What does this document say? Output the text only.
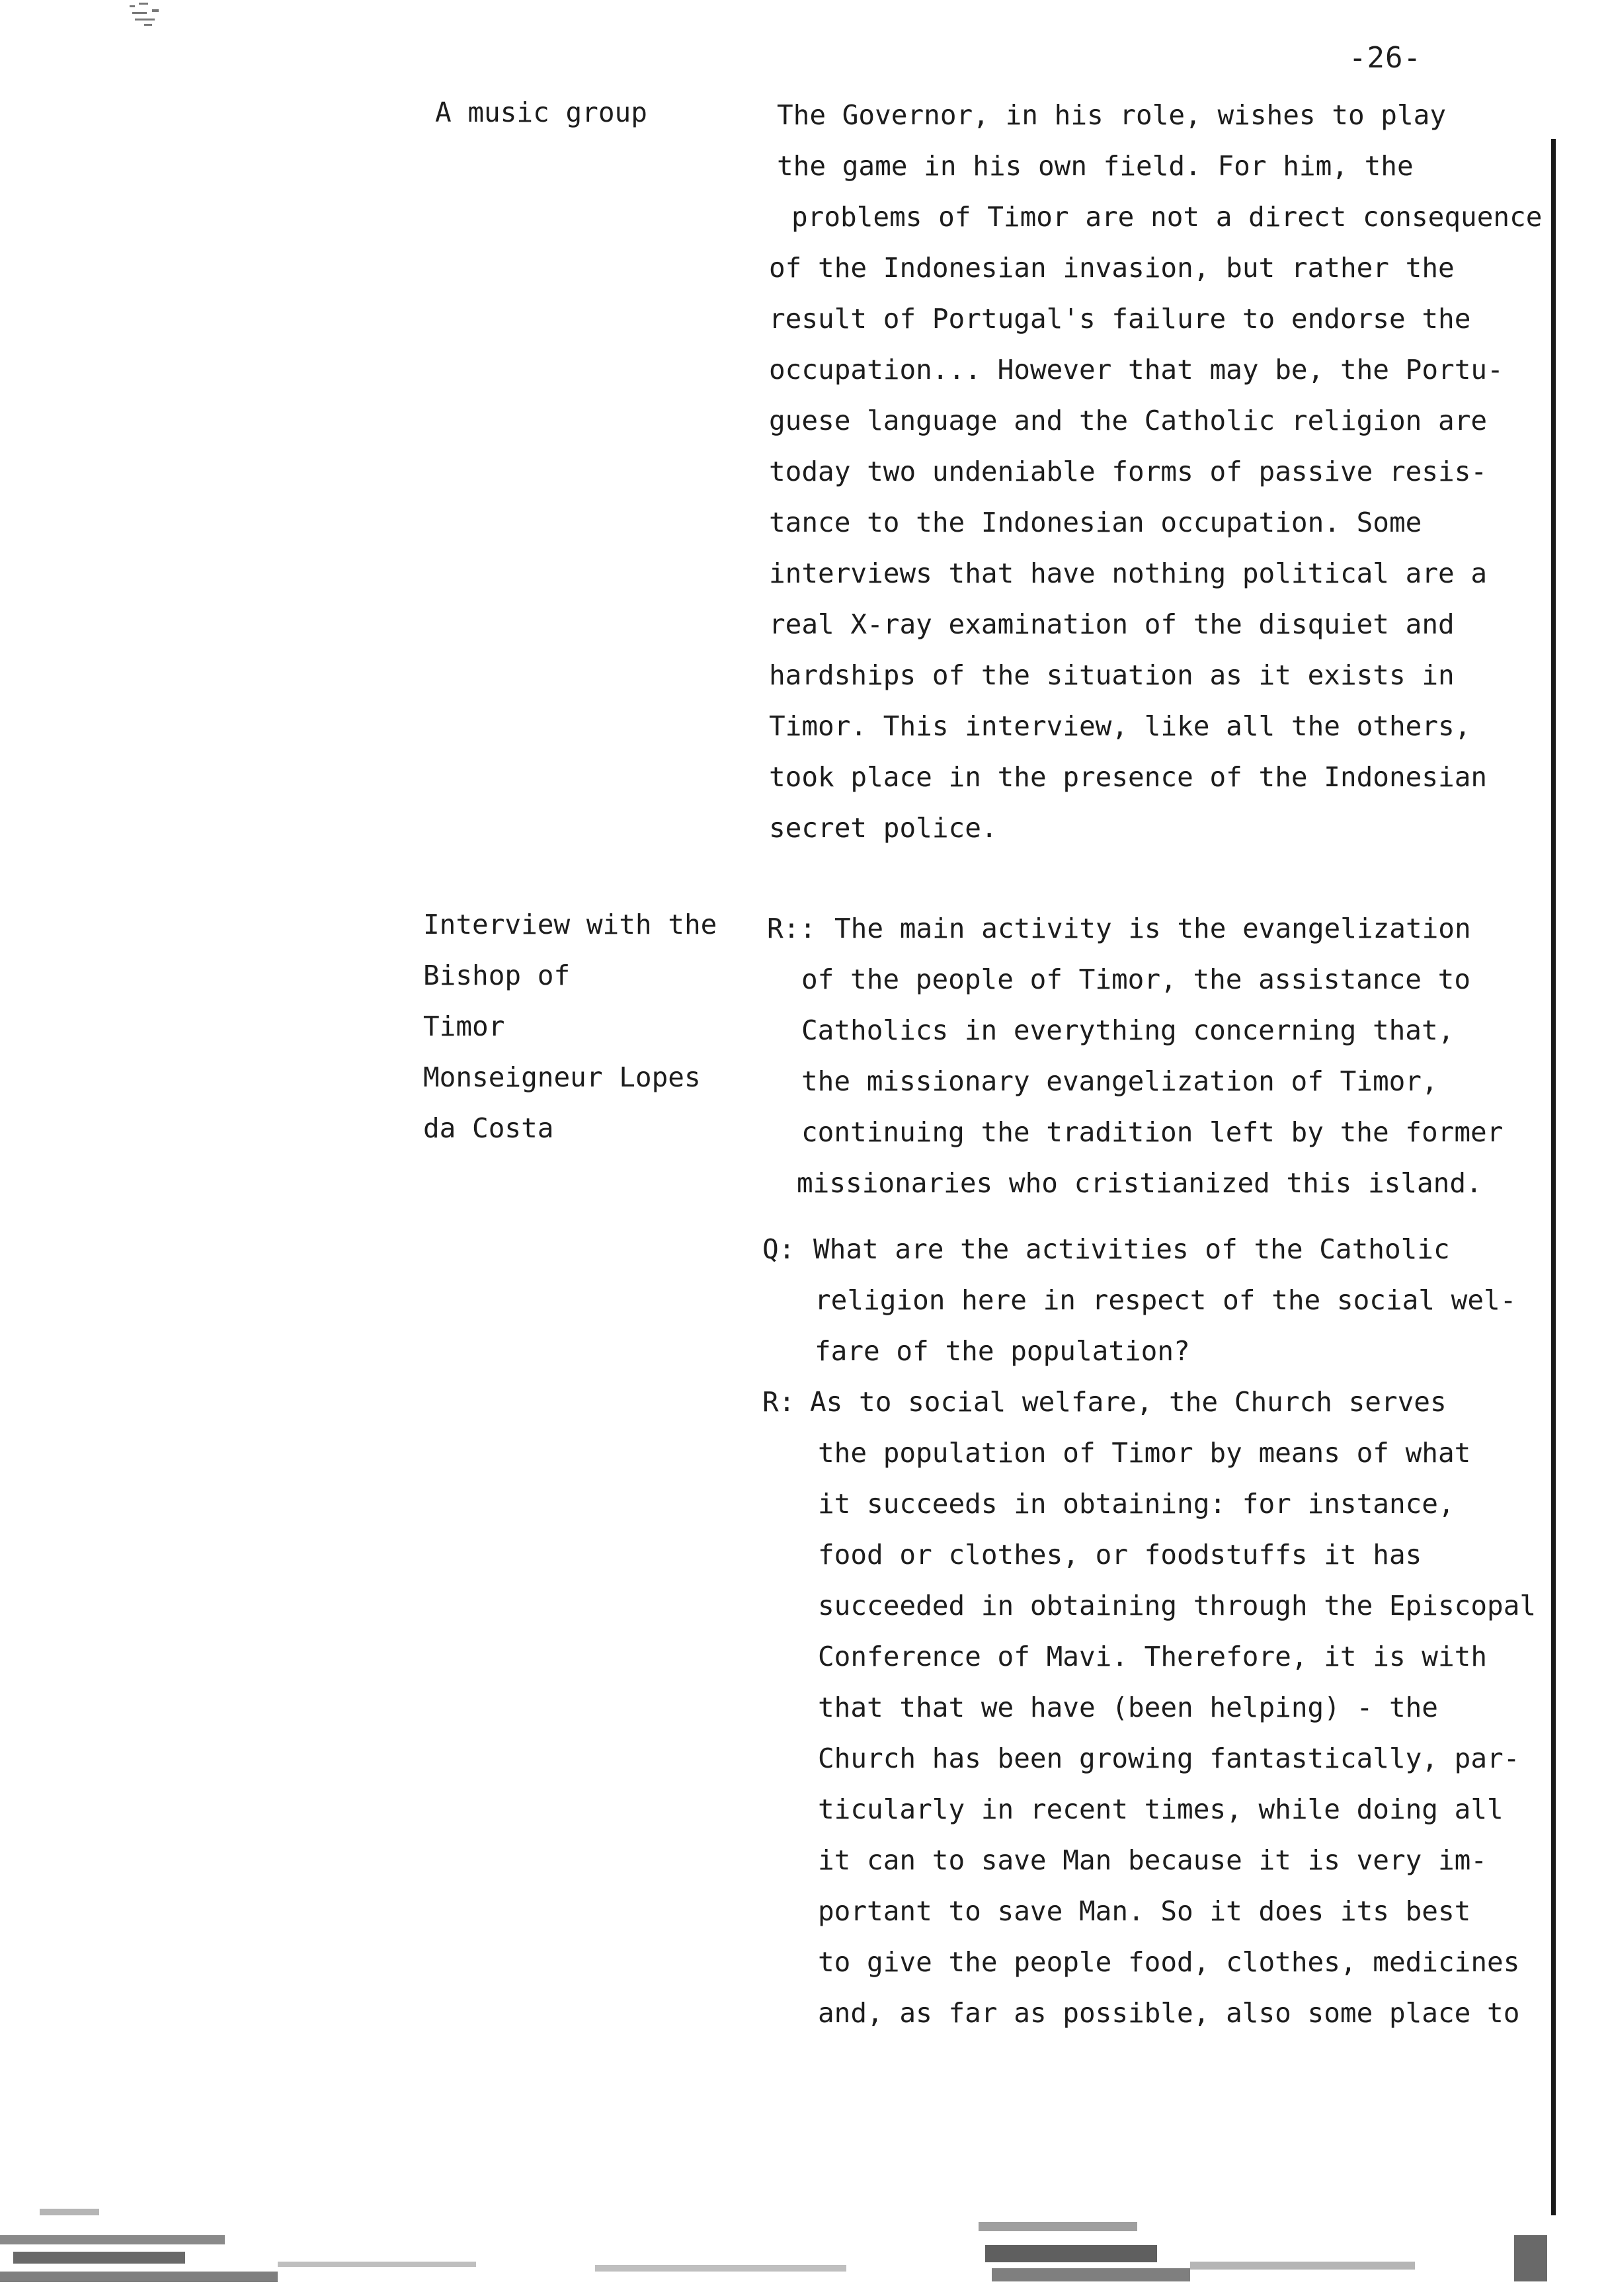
-26-
A music group
Interview with the
Bishop of
Timor
Monseigneur Lopes
da Costa
The Governor, in his role, wishes to play
the game in his own field. For him, the
problems of Timor are not a direct consequence
of the Indonesian invasion, but rather the
result of Portugal's failure to endorse the
occupation... However that may be, the Portu-
guese language and the Catholic religion are
today two undeniable forms of passive resis-
tance to the Indonesian occupation. Some
interviews that have nothing political are a
real X-ray examination of the disquiet and
hardships of the situation as it exists in
Timor. This interview, like all the others,
took place in the presence of the Indonesian
secret police.
R:: The main activity is the evangelization
of the people of Timor, the assistance to
Catholics in everything concerning that,
the missionary evangelization of Timor,
continuing the tradition left by the former
missionaries who cristianized this island.
Q: What are the activities of the Catholic
religion here in respect of the social wel-
fare of the population?
R: As to social welfare, the Church serves
the population of Timor by means of what
it succeeds in obtaining: for instance,
food or clothes, or foodstuffs it has
succeeded in obtaining through the Episcopal
Conference of Mavi. Therefore, it is with
that that we have (been helping) - the
Church has been growing fantastically, par-
ticularly in recent times, while doing all
it can to save Man because it is very im-
portant to save Man. So it does its best
to give the people food, clothes, medicines
and, as far as possible, also some place to
